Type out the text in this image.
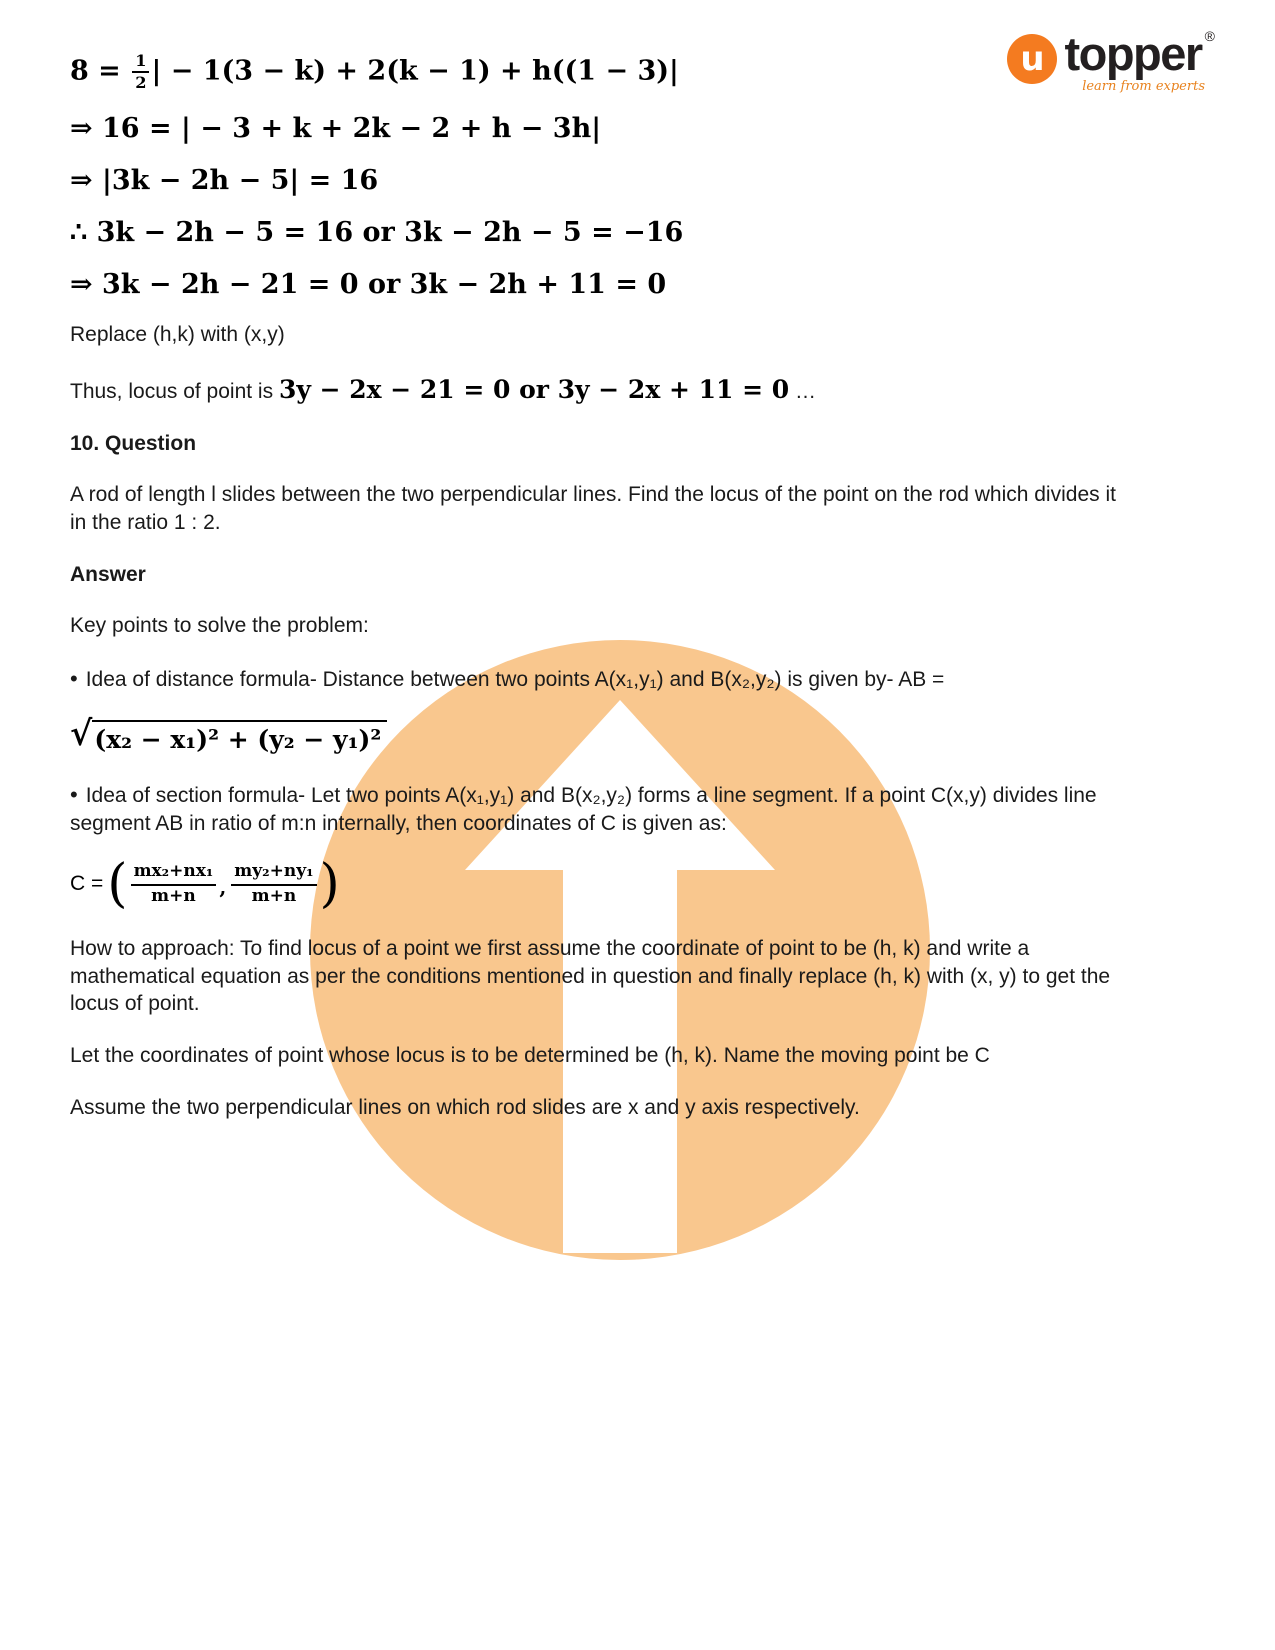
u topper ®
learn from experts
$8 = \frac{1}{2}$ | − 1(3 − k) + 2(k − 1) + h((1 − 3)|
⇒ 16 = | − 3 + k + 2k − 2 + h − 3h|
⇒ |3k − 2h − 5| = 16
∴ 3k − 2h − 5 = 16 or 3k − 2h − 5 = −16
⇒ 3k − 2h − 21 = 0 or 3k − 2h + 11 = 0

Replace (h,k) with (x,y)

Thus, locus of point is 3y − 2x − 21 = 0 or 3y − 2x + 11 = 0 …

10. Question

A rod of length l slides between the two perpendicular lines. Find the locus of the point on the rod which divides it in the ratio 1 : 2.

Answer

Key points to solve the problem:

• Idea of distance formula- Distance between two points A(x₁,y₁) and B(x₂,y₂) is given by- AB =

√ (x₂ − x₁)² + (y₂ − y₁)²

• Idea of section formula- Let two points A(x₁,y₁) and B(x₂,y₂) forms a line segment. If a point C(x,y) divides line segment AB in ratio of m:n internally, then coordinates of C is given as:

C = ( $\frac{\text{mx₂+nx₁}}{m+n}$ , $\frac{\text{my₂+ny₁}}{m+n}$ )

How to approach: To find locus of a point we first assume the coordinate of point to be (h, k) and write a mathematical equation as per the conditions mentioned in question and finally replace (h, k) with (x, y) to get the locus of point.

Let the coordinates of point whose locus is to be determined be (h, k). Name the moving point be C

Assume the two perpendicular lines on which rod slides are x and y axis respectively.
